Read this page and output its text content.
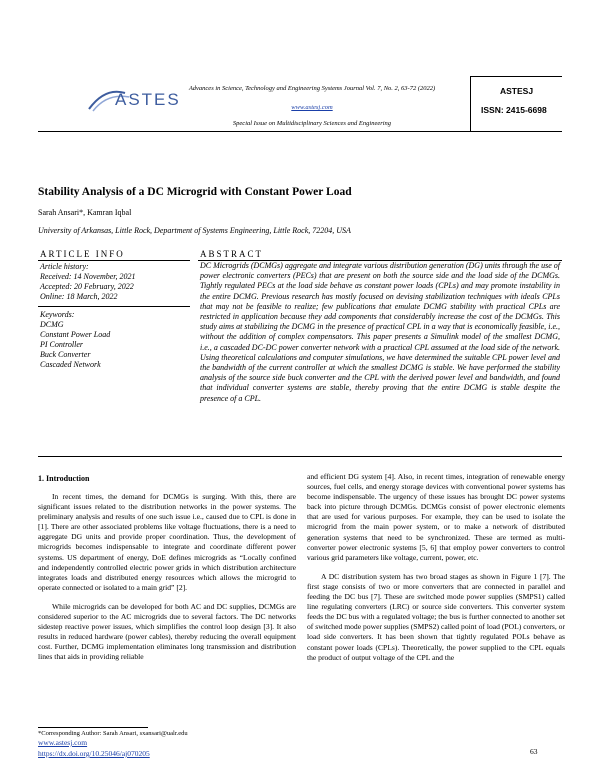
ASTES
Advances in Science, Technology and Engineering Systems Journal Vol. 7, No. 2, 63-72 (2022)
www.astesj.com
Special Issue on Multidisciplinary Sciences and Engineering
ASTESJ
ISSN: 2415-6698
Stability Analysis of a DC Microgrid with Constant Power Load
Sarah Ansari*, Kamran Iqbal
University of Arkansas, Little Rock, Department of Systems Engineering, Little Rock, 72204, USA
ARTICLE INFO
Article history:
Received: 14 November, 2021
Accepted: 20 February, 2022
Online: 18 March, 2022
Keywords:
DCMG
Constant Power Load
PI Controller
Buck Converter
Cascaded Network
ABSTRACT
DC Microgrids (DCMGs) aggregate and integrate various distribution generation (DG) units through the use of power electronic converters (PECs) that are present on both the source side and the load side of the DCMGs. Tightly regulated PECs at the load side behave as constant power loads (CPLs) and may promote instability in the entire DCMG. Previous research has mostly focused on devising stabilization techniques with ideals CPLs that may not be feasible to realize; few publications that emulate DCMG stability with practical CPLs are restricted in application because they add components that considerably increase the cost of the DCMGs. This study aims at stabilizing the DCMG in the presence of practical CPL in a way that is economically feasible, i.e., without the addition of complex compensators. This paper presents a Simulink model of the smallest DCMG, i.e., a cascaded DC-DC power converter network with a practical CPL assumed at the load side of the network. Using theoretical calculations and computer simulations, we have determined the suitable CPL power level and the bandwidth of the current controller at which the smallest DCMG is stable. We have performed the stability analysis of the source side buck converter and the CPL with the derived power level and bandwidth, and found that individual converter systems are stable, thereby proving that the entire DCMG is stable despite the presence of a CPL.
1. Introduction

In recent times, the demand for DCMGs is surging. With this, there are significant issues related to the distribution networks in the power systems. The preliminary analysis and results of one such issue i.e., caused due to CPL is done in [1]. There are other associated problems like voltage fluctuations, there is a need to aggregate DG units and provide proper coordination. Thus, the development of microgrids becomes indispensable to integrate and coordinate different power systems. US department of energy, DoE defines microgrids as “Locally confined and independently controlled electric power grids in which distribution architecture integrates loads and distributed energy resources which allows the microgrid to operate connected or isolated to a main grid” [2].

While microgrids can be developed for both AC and DC supplies, DCMGs are considered superior to the AC microgrids due to several factors. The DC networks sidestep reactive power issues, which simplifies the control loop design [3]. It also results in reduced hardware (power cables), thereby reducing the overall equipment cost. Further, DCMG implementation eliminates long transmission and distribution lines that aids in providing reliable

and efficient DG system [4]. Also, in recent times, integration of renewable energy sources, fuel cells, and energy storage devices with conventional power systems has become indispensable. The urgency of these issues has brought DC power systems back into picture through DCMGs. DCMGs consist of power electronic elements that are used for various purposes. For example, they can be used to isolate the microgrid from the main power system, or to make a network of distributed generation systems that need to be synchronized. These are termed as multi-converter power electronic systems [5, 6] that employ power converters to control various grid parameters like voltage, current, power, etc.

A DC distribution system has two broad stages as shown in Figure 1 [7]. The first stage consists of two or more converters that are connected in parallel and feeding the DC bus [7]. These are switched mode power supplies (SMPS1) called line regulating converters (LRC) or source side converters. This converter system feeds the DC bus with a regulated voltage; the bus is further connected to another set of switched mode power supplies (SMPS2) called point of load (POL) converters, or load side converters. It has been shown that tightly regulated POLs behave as constant power loads (CPLs). Theoretically, the power supplied to the CPL equals the product of output voltage of the CPL and the

*Corresponding Author: Sarah Ansari, sxansari@ualr.edu
www.astesj.com
https://dx.doi.org/10.25046/aj070205	63
